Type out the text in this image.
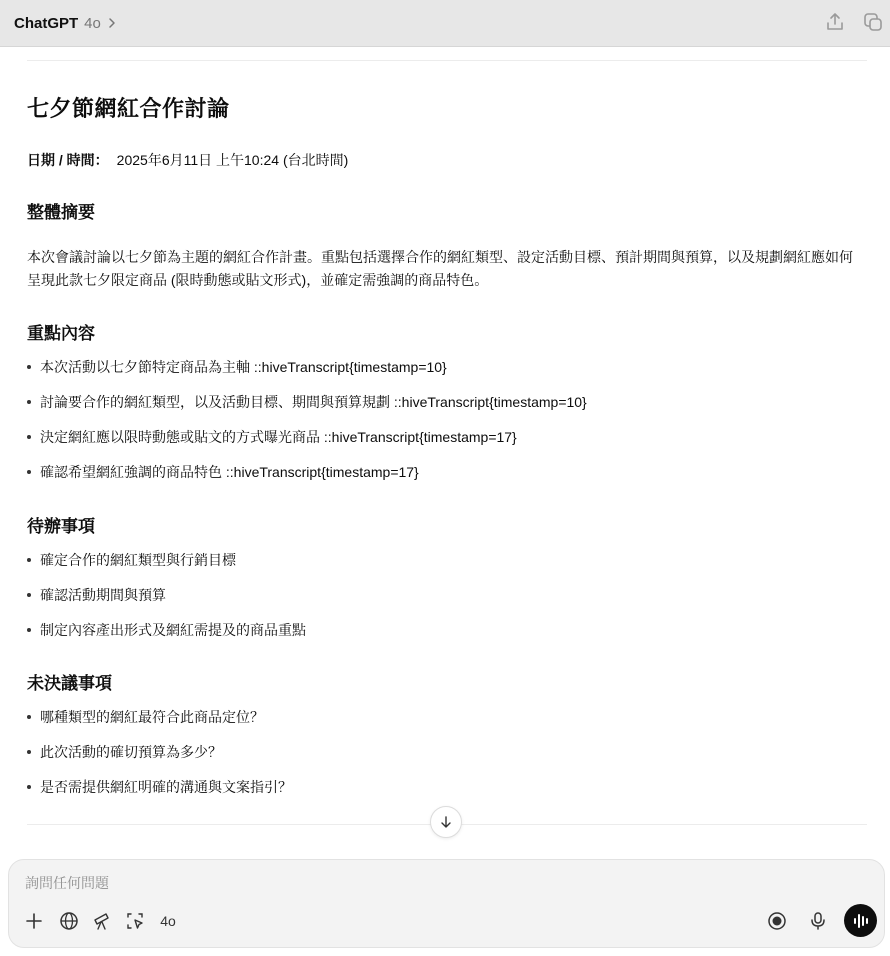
ChatGPT 4o
七夕節網紅合作討論
日期 / 時間： 2025年6月11日 上午10:24 (台北時間)
整體摘要

本次會議討論以七夕節為主題的網紅合作計畫。重點包括選擇合作的網紅類型、設定活動目標、預計期間與預算，以及規劃網紅應如何呈現此款七夕限定商品 (限時動態或貼文形式)，並確定需強調的商品特色。

重點內容
本次活動以七夕節特定商品為主軸 ::hiveTranscript{timestamp=10}
討論要合作的網紅類型，以及活動目標、期間與預算規劃 ::hiveTranscript{timestamp=10}
決定網紅應以限時動態或貼文的方式曝光商品 ::hiveTranscript{timestamp=17}
確認希望網紅強調的商品特色 ::hiveTranscript{timestamp=17}
待辦事項
確定合作的網紅類型與行銷目標
確認活動期間與預算
制定內容產出形式及網紅需提及的商品重點
未決議事項
哪種類型的網紅最符合此商品定位？
此次活動的確切預算為多少？
是否需提供網紅明確的溝通與文案指引？
詢問任何問題
4o
